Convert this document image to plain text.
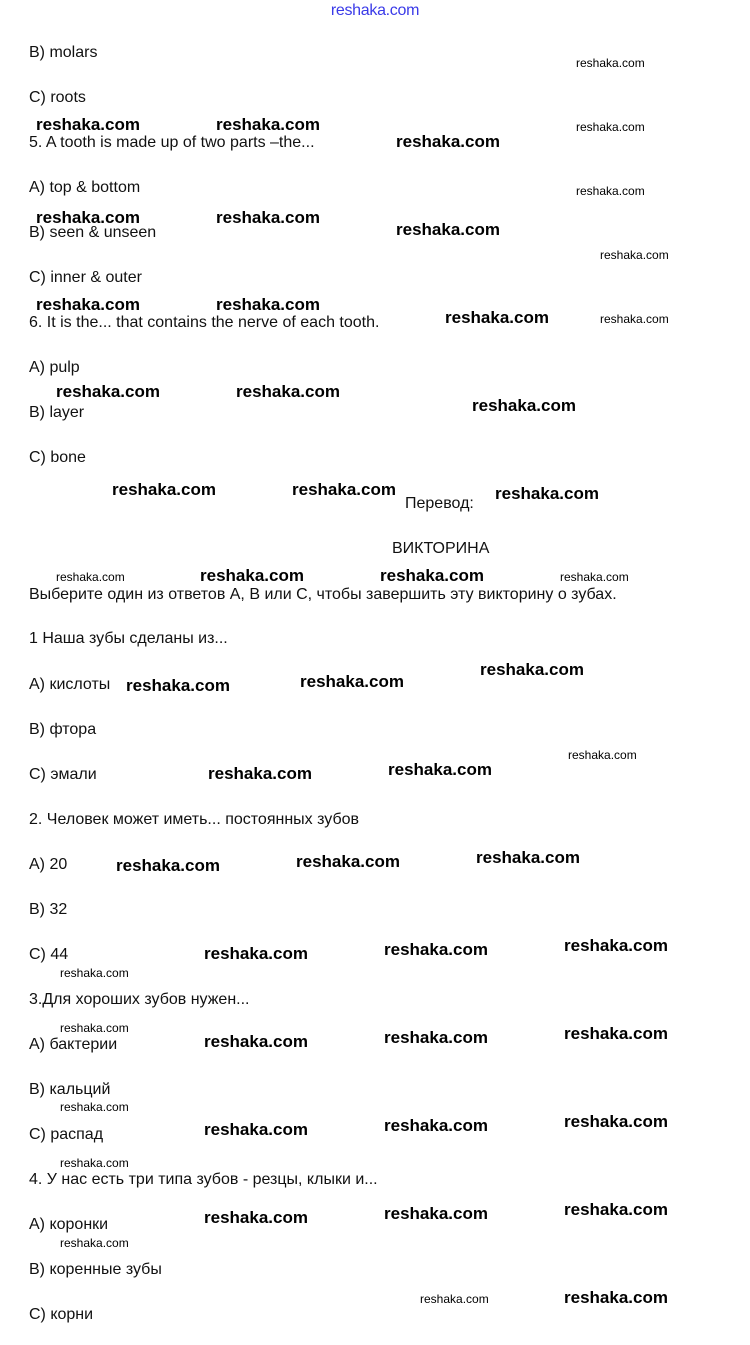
reshaka.com
B) molars
C) roots
5. A tooth is made up of two parts –the...
A) top & bottom
B) seen & unseen
C) inner & outer
6. It is the... that contains the nerve of each tooth.
A) pulp
B) layer
C) bone
Перевод:
ВИКТОРИНА
Выберите один из ответов А, В или С, чтобы завершить эту викторину о зубах.
1 Наша зубы сделаны из...
А) кислоты
В) фтора
С) эмали
2. Человек может иметь... постоянных зубов
А) 20
В) 32
С) 44
3.Для хороших зубов нужен...
А) бактерии
В) кальций
С) распад
4. У нас есть три типа зубов - резцы, клыки и...
А) коронки
В) коренные зубы
С) корни
reshaka.com	reshaka.com
reshaka.com
reshaka.com	reshaka.com
reshaka.com
reshaka.com	reshaka.com
reshaka.com
reshaka.com	reshaka.com
reshaka.com
reshaka.com	reshaka.com	reshaka.com
reshaka.com	reshaka.com
reshaka.com	reshaka.com
reshaka.com
reshaka.com	reshaka.com
reshaka.com	reshaka.com	reshaka.com
reshaka.com	reshaka.com	reshaka.com
reshaka.com	reshaka.com	reshaka.com
reshaka.com	reshaka.com	reshaka.com
reshaka.com	reshaka.com	reshaka.com
reshaka.com
reshaka.com
reshaka.com
reshaka.com
reshaka.com
reshaka.com
reshaka.com	reshaka.com
reshaka.com
reshaka.com
reshaka.com
reshaka.com
reshaka.com
reshaka.com
reshaka.com
